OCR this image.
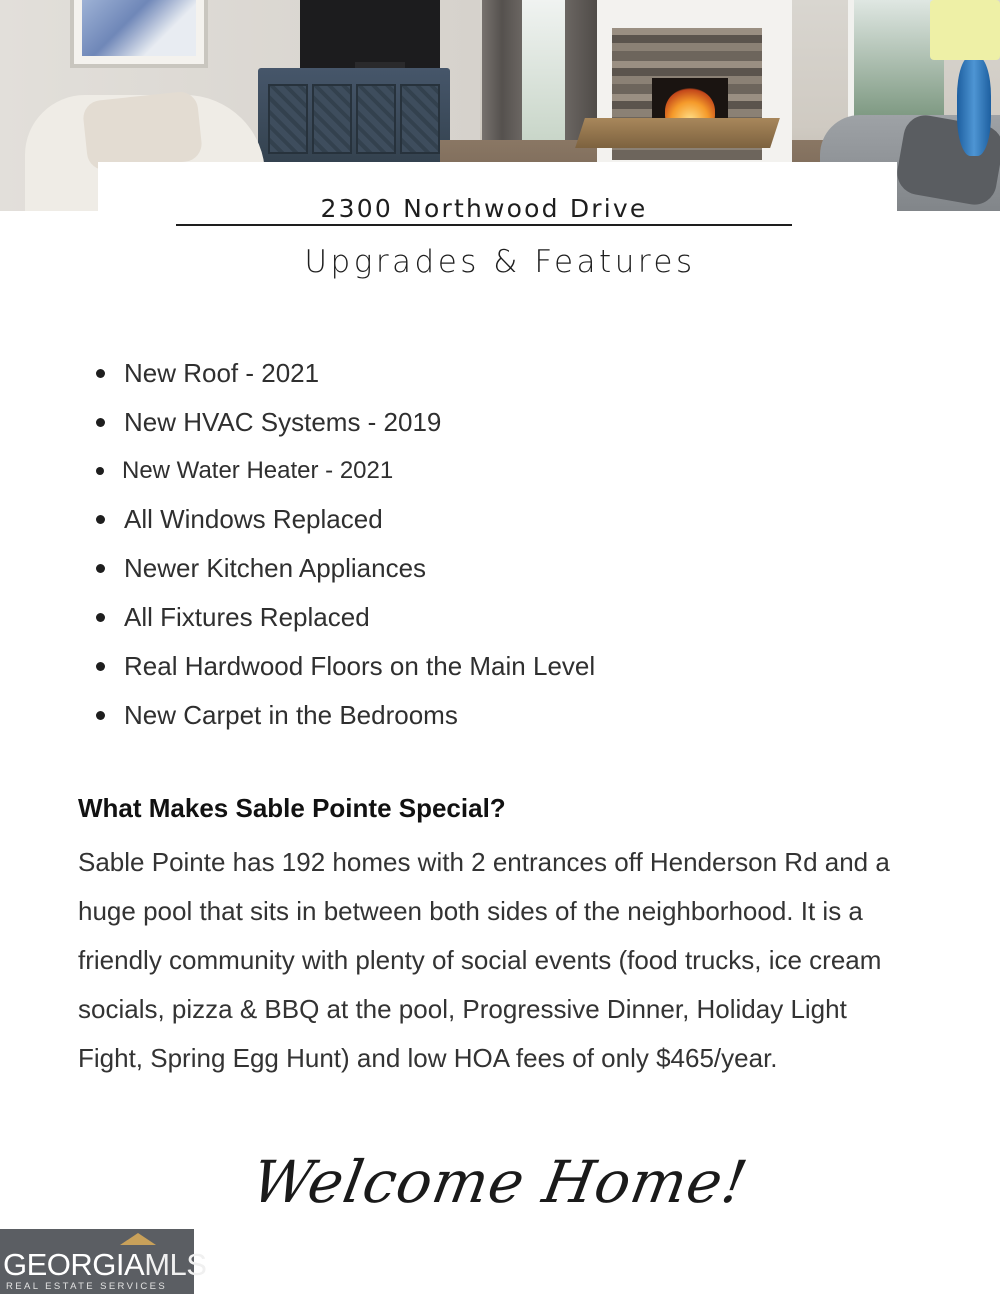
2300 Northwood Drive
Upgrades & Features
New Roof - 2021
New HVAC Systems - 2019
New Water Heater - 2021
All Windows Replaced
Newer Kitchen Appliances
All Fixtures Replaced
Real Hardwood Floors on the Main Level
New Carpet in the Bedrooms
What Makes Sable Pointe Special?
Sable Pointe has 192 homes with 2 entrances off Henderson Rd and a huge pool that sits in between both sides of the neighborhood. It is a friendly community with plenty of social events (food trucks, ice cream socials, pizza & BBQ at the pool, Progressive Dinner, Holiday Light Fight, Spring Egg Hunt) and low HOA fees of only $465/year.
Welcome Home!
GEORGIAMLS
REAL ESTATE SERVICES
